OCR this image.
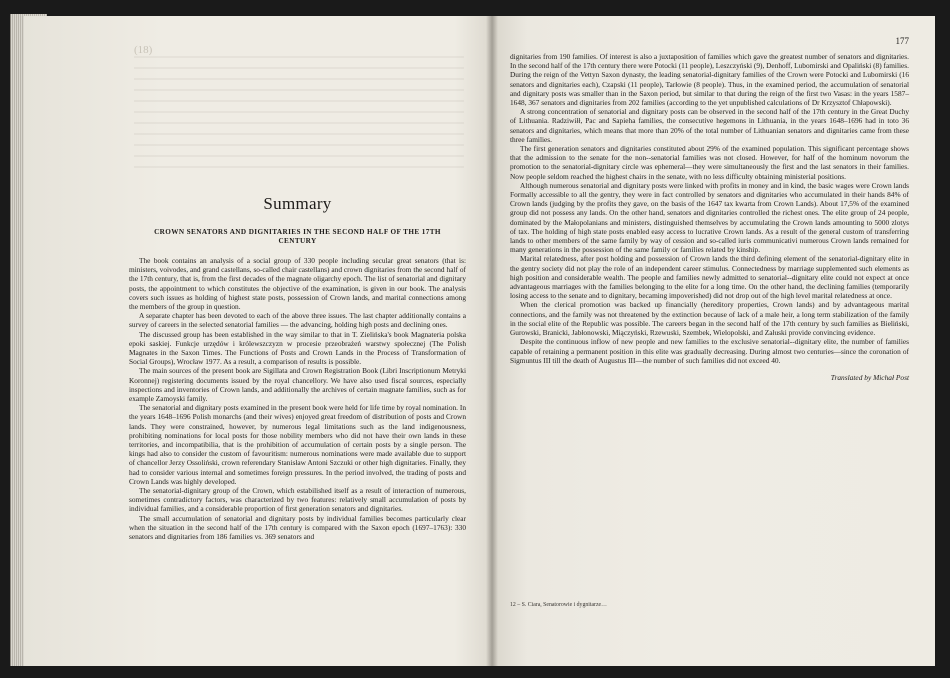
(18)
Summary
CROWN SENATORS AND DIGNITARIES IN THE SECOND HALF OF THE 17TH CENTURY

The book contains an analysis of a social group of 330 people including secular great senators (that is: ministers, voivodes, and grand castellans, so-called chair castellans) and crown dignitaries from the second half of the 17th century, that is, from the first decades of the magnate oligarchy epoch. The list of senatorial and dignitary posts, the appointment to which constitutes the objective of the examination, is given in our book. The analysis covers such issues as holding of highest state posts, possession of Crown lands, and marital connections among the members of the group in question.

A separate chapter has been devoted to each of the above three issues. The last chapter additionally contains a survey of careers in the selected senatorial families — the advancing, holding high posts and declining ones.

The discussed group has been established in the way similar to that in T. Zielińska's book Magnateria polska epoki saskiej. Funkcje urzędów i królewszczyzn w procesie przeobrażeń warstwy społecznej (The Polish Magnates in the Saxon Times. The Functions of Posts and Crown Lands in the Process of Transformation of Social Groups), Wrocław 1977. As a result, a comparison of results is possible.

The main sources of the present book are Sigillata and Crown Registration Book (Libri Inscriptionum Metryki Koronnej) registering documents issued by the royal chancellory. We have also used fiscal sources, especially inspections and inventories of Crown lands, and additionally the archives of certain magnate families, such as for example Zamoyski family.

The senatorial and dignitary posts examined in the present book were held for life time by royal nomination. In the years 1648–1696 Polish monarchs (and their wives) enjoyed great freedom of distribution of posts and Crown lands. They were constrained, however, by numerous legal limitations such as the land indigenousness, prohibiting nominations for local posts for those nobility members who did not have their own lands in these territories, and incompatibilia, that is the prohibition of accumulation of certain posts by a single person. The kings had also to consider the custom of favouritism: numerous nominations were made available due to support of chancellor Jerzy Ossoliński, crown referendary Stanisław Antoni Szczuki or other high dignitaries. Finally, they had to consider various internal and sometimes foreign pressures. In the period involved, the trading of posts and Crown Lands was highly developed.

The senatorial-dignitary group of the Crown, which estabilished itself as a result of interaction of numerous, sometimes contradictory factors, was characterized by two features: relatively small accumulation of posts by individual families, and a considerable proportion of first generation senators and dignitaries.

The small accumulation of senatorial and dignitary posts by individual families becomes particularly clear when the situation in the second half of the 17th century is compared with the Saxon epoch (1697–1763): 330 senators and dignitaries from 186 families vs. 369 senators and

177

dignitaries from 190 families. Of interest is also a juxtaposition of families which gave the greatest number of senators and dignitaries. In the second half of the 17th century there were Potocki (11 people), Leszczyński (9), Denhoff, Lubomirski and Opaliński (8) families. During the reign of the Vettyn Saxon dynasty, the leading senatorial-dignitary families of the Crown were Potocki and Lubomirski (16 senators and dignitaries each), Czapski (11 people), Tarłowie (8 people). Thus, in the examined period, the accumulation of senatorial and dignitary posts was smaller than in the Saxon period, but similar to that during the reign of the first two Vasas: in the years 1587–1648, 367 senators and dignitaries from 202 families (according to the yet unpublished calculations of Dr Krzysztof Chłapowski).

A strong concentration of senatorial and dignitary posts can be observed in the second half of the 17th century in the Great Duchy of Lithuania. Radziwiłł, Pac and Sapieha families, the consecutive hegemons in Lithuania, in the years 1648–1696 had in toto 36 senators and dignitaries, which means that more than 20% of the total number of Lithuanian senators and dignitaries came from these three families.

The first generation senators and dignitaries constituted about 29% of the examined population. This significant percentage shows that the admission to the senate for the non--senatorial families was not closed. However, for half of the hominum novorum the promotion to the senatorial-dignitary circle was ephemeral—they were simultaneously the first and the last senators in their families. Now people seldom reached the highest chairs in the senate, with no less difficulty obtaining ministerial positions.

Although numerous senatorial and dignitary posts were linked with profits in money and in kind, the basic wages were Crown lands Formally accessible to all the gentry, they were in fact controlled by senators and dignitaries who accumulated in their hands 84% of Crown lands (judging by the profits they gave, on the basis of the 1647 tax kwarta from Crown Lands). About 17,5% of the examined group did not possess any lands. On the other hand, senators and dignitaries controlled the richest ones. The elite group of 24 people, dominated by the Małopolanians and ministers, distinguished themselves by accumulating the Crown lands amounting to 5000 zlotys of tax. The holding of high state posts enabled easy access to lucrative Crown lands. As a result of the general custom of transferring lands to other members of the same family by way of cession and so-called iuris communicativi numerous Crown lands remained for many generations in the possession of the same family or families related by kinship.

Marital relatedness, after post holding and possession of Crown lands the third defining element of the senatorial-dignitary elite in the gentry society did not play the role of an independent career stimulus. Connectedness by marriage supplemented such elements as high position and considerable wealth. The people and families newly admitted to senatorial--dignitary elite could not expect at once advantageous marriages with the families belonging to the elite for a long time. On the other hand, the declining families (temporarily losing access to the senate and to dignitary, becaming impoverished) did not drop out of the high level marital relatedness at once.

When the clerical promotion was backed up financially (hereditory properties, Crown lands) and by advantageous marital connections, and the family was not threatened by the extinction because of lack of a male heir, a long term stabilization of the family in the social elite of the Republic was possible. The careers began in the second half of the 17th century by such families as Bieliński, Gurowski, Branicki, Jabłonowski, Miączyński, Rzewuski, Szembek, Wielopolski, and Załuski provide convincing evidence.

Despite the continuous inflow of new people and new families to the exclusive senatorial--dignitary elite, the number of families capable of retaining a permanent position in this elite was gradually decreasing. During almost two centuries—since the coronation of Sigmuntus III till the death of Augustus III—the number of such families did not exceed 40.

Translated by Michał Post
12 – S. Ciara, Senatorowie i dygnitarze…
